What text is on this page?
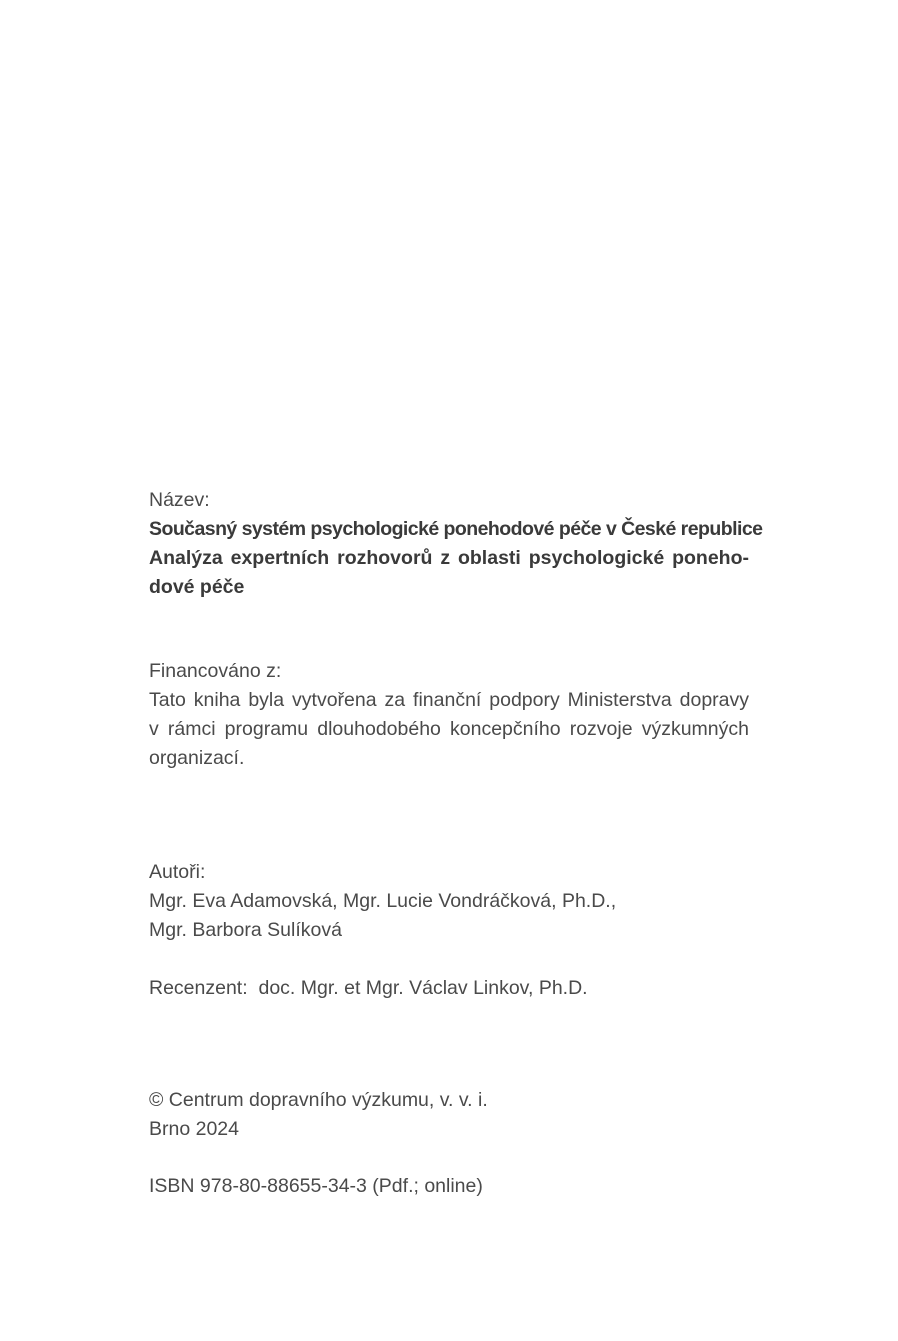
Název:
Současný systém psychologické ponehodové péče v České republice
Analýza expertních rozhovorů z oblasti psychologické poneho-
dové péče
Financováno z:
Tato kniha byla vytvořena za finanční podpory Ministerstva dopravy
v rámci programu dlouhodobého koncepčního rozvoje výzkumných
organizací.
Autoři:
Mgr. Eva Adamovská, Mgr. Lucie Vondráčková, Ph.D.,
Mgr. Barbora Sulíková
Recenzent:  doc. Mgr. et Mgr. Václav Linkov, Ph.D.
© Centrum dopravního výzkumu, v. v. i.
Brno 2024
ISBN 978-80-88655-34-3 (Pdf.; online)
